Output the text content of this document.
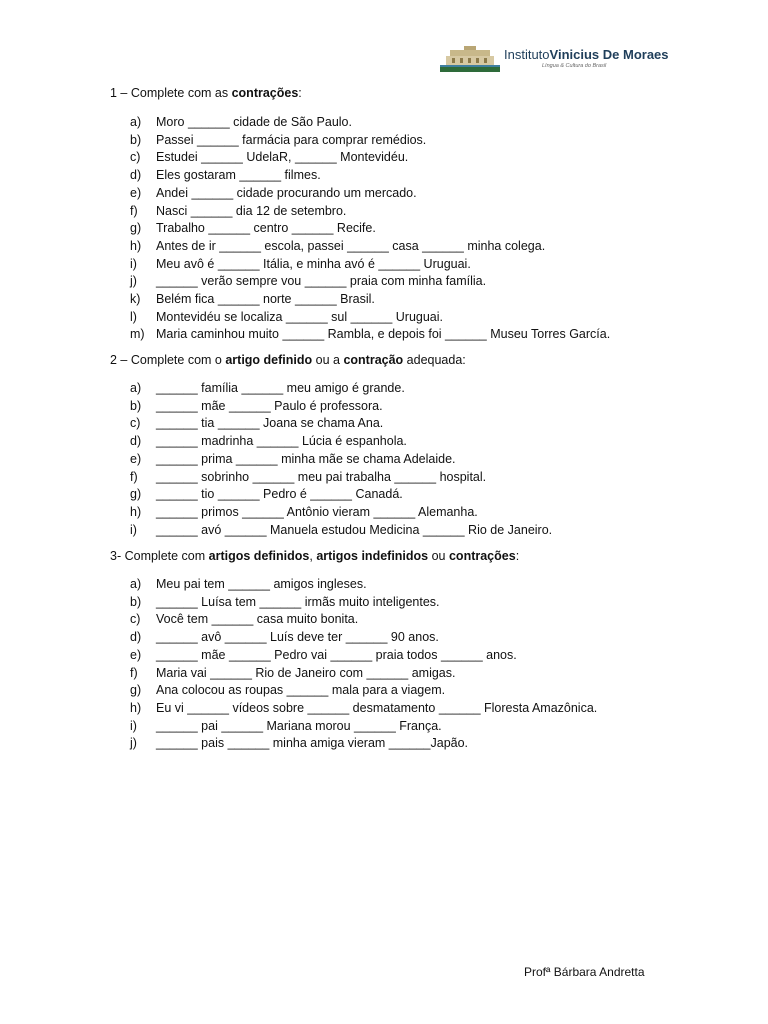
InstitutoVinicius De Moraes
Língua & Cultura do Brasil
1 – Complete com as contrações:
a) Moro ______ cidade de São Paulo.
b) Passei ______ farmácia para comprar remédios.
c) Estudei ______ UdelaR, ______ Montevidéu.
d) Eles gostaram ______ filmes.
e) Andei ______ cidade procurando um mercado.
f) Nasci ______ dia 12 de setembro.
g) Trabalho ______ centro ______ Recife.
h) Antes de ir ______ escola, passei ______ casa ______ minha colega.
i) Meu avô é ______ Itália, e minha avó é ______ Uruguai.
j) ______ verão sempre vou ______ praia com minha família.
k) Belém fica ______ norte ______ Brasil.
l) Montevidéu se localiza ______ sul ______ Uruguai.
m) Maria caminhou muito ______ Rambla, e depois foi ______ Museu Torres García.
2 – Complete com o artigo definido ou a contração adequada:
a) ______ família ______ meu amigo é grande.
b) ______ mãe ______ Paulo é professora.
c) ______ tia ______ Joana se chama Ana.
d) ______ madrinha ______ Lúcia é espanhola.
e) ______ prima ______ minha mãe se chama Adelaide.
f) ______ sobrinho ______ meu pai trabalha ______ hospital.
g) ______ tio ______ Pedro é ______ Canadá.
h) ______ primos ______ Antônio vieram ______ Alemanha.
i) ______ avó ______ Manuela estudou Medicina ______ Rio de Janeiro.
3- Complete com artigos definidos, artigos indefinidos ou contrações:
a) Meu pai tem ______ amigos ingleses.
b) ______ Luísa tem ______ irmãs muito inteligentes.
c) Você tem ______ casa muito bonita.
d) ______ avô ______ Luís deve ter ______ 90 anos.
e) ______ mãe ______ Pedro vai ______ praia todos ______ anos.
f) Maria vai ______ Rio de Janeiro com ______ amigas.
g) Ana colocou as roupas ______ mala para a viagem.
h) Eu vi ______ vídeos sobre ______ desmatamento ______ Floresta Amazônica.
i) ______ pai ______ Mariana morou ______ França.
j) ______ pais ______ minha amiga vieram ______Japão.
Profª Bárbara Andretta
